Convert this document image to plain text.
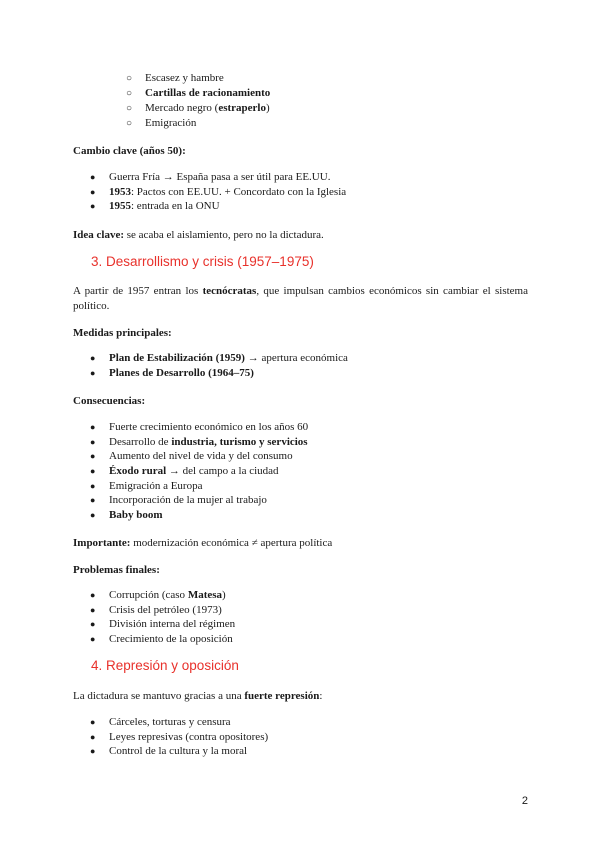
○ Escasez y hambre
○ Cartillas de racionamiento
○ Mercado negro (estraperlo)
○ Emigración
Cambio clave (años 50):
● Guerra Fría → España pasa a ser útil para EE.UU.
● 1953: Pactos con EE.UU. + Concordato con la Iglesia
● 1955: entrada en la ONU
Idea clave: se acaba el aislamiento, pero no la dictadura.
3. Desarrollismo y crisis (1957–1975)
A partir de 1957 entran los tecnócratas, que impulsan cambios económicos sin cambiar el sistema político.
Medidas principales:
● Plan de Estabilización (1959) → apertura económica
● Planes de Desarrollo (1964–75)
Consecuencias:
● Fuerte crecimiento económico en los años 60
● Desarrollo de industria, turismo y servicios
● Aumento del nivel de vida y del consumo
● Éxodo rural → del campo a la ciudad
● Emigración a Europa
● Incorporación de la mujer al trabajo
● Baby boom
Importante: modernización económica ≠ apertura política
Problemas finales:
● Corrupción (caso Matesa)
● Crisis del petróleo (1973)
● División interna del régimen
● Crecimiento de la oposición
4. Represión y oposición
La dictadura se mantuvo gracias a una fuerte represión:
● Cárceles, torturas y censura
● Leyes represivas (contra opositores)
● Control de la cultura y la moral
2
